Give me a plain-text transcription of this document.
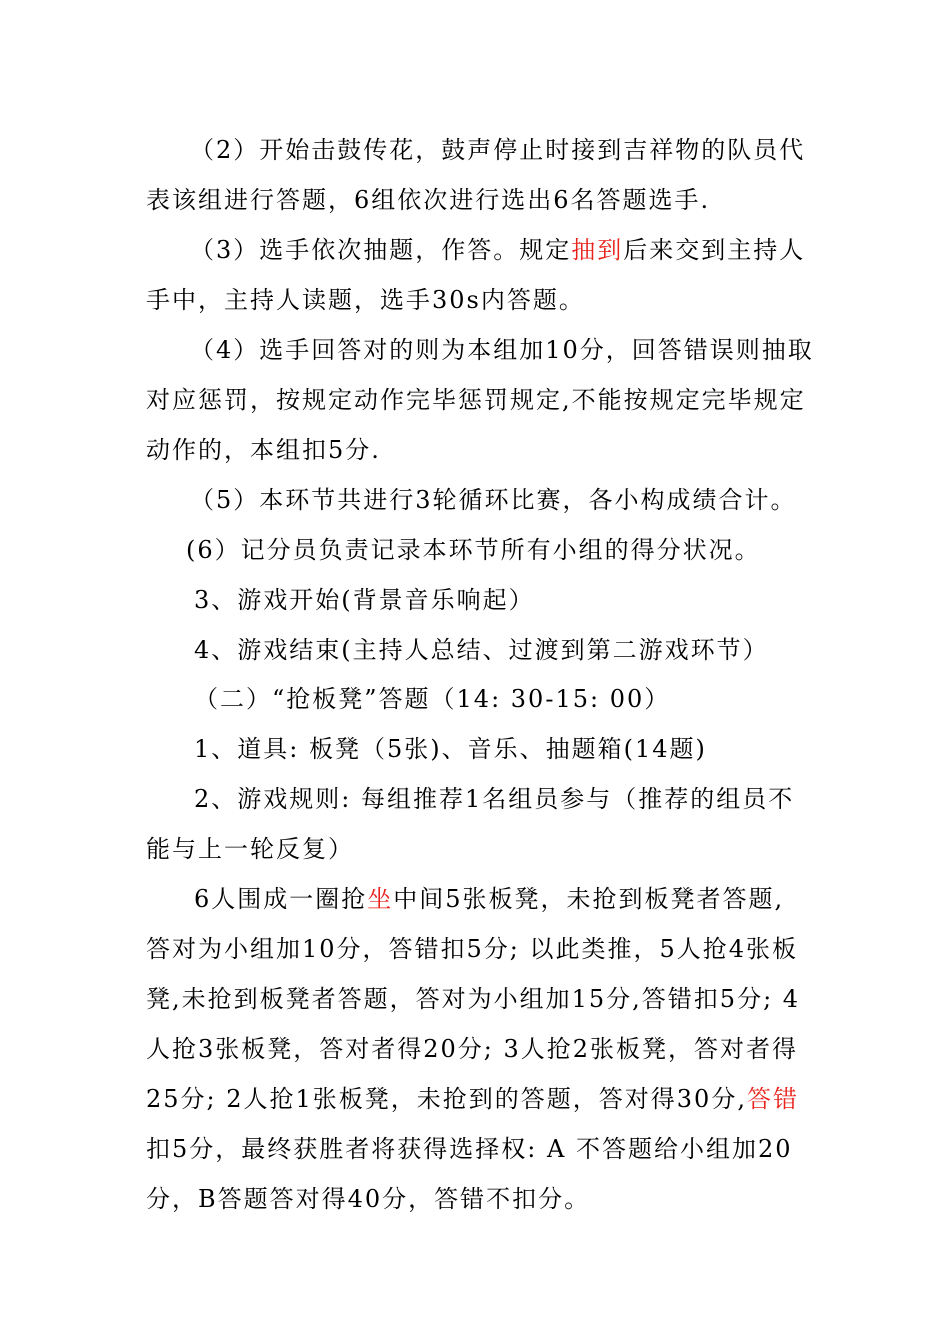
（2）开始击鼓传花，鼓声停止时接到吉祥物的队员代
表该组进行答题，6组依次进行选出6名答题选手.
（3）选手依次抽题，作答。规定抽到后来交到主持人
手中，主持人读题，选手30s内答题。
（4）选手回答对的则为本组加10分，回答错误则抽取
对应惩罚，按规定动作完毕惩罚规定,不能按规定完毕规定
动作的，本组扣5分.
（5）本环节共进行3轮循环比赛，各小构成绩合计。
(6）记分员负责记录本环节所有小组的得分状况。
3、游戏开始(背景音乐响起）
4、游戏结束(主持人总结、过渡到第二游戏环节）
（二）“抢板凳”答题（14: 30-15: 00）
1、道具: 板凳（5张)、音乐、抽题箱(14题)
2、游戏规则: 每组推荐1名组员参与（推荐的组员不
能与上一轮反复）
6人围成一圈抢坐中间5张板凳，未抢到板凳者答题,
答对为小组加10分，答错扣5分; 以此类推，5人抢4张板
凳,未抢到板凳者答题，答对为小组加15分,答错扣5分; 4
人抢3张板凳，答对者得20分; 3人抢2张板凳，答对者得
25分; 2人抢1张板凳，未抢到的答题，答对得30分,答错
扣5分，最终获胜者将获得选择权: A 不答题给小组加20
分，B答题答对得40分，答错不扣分。
